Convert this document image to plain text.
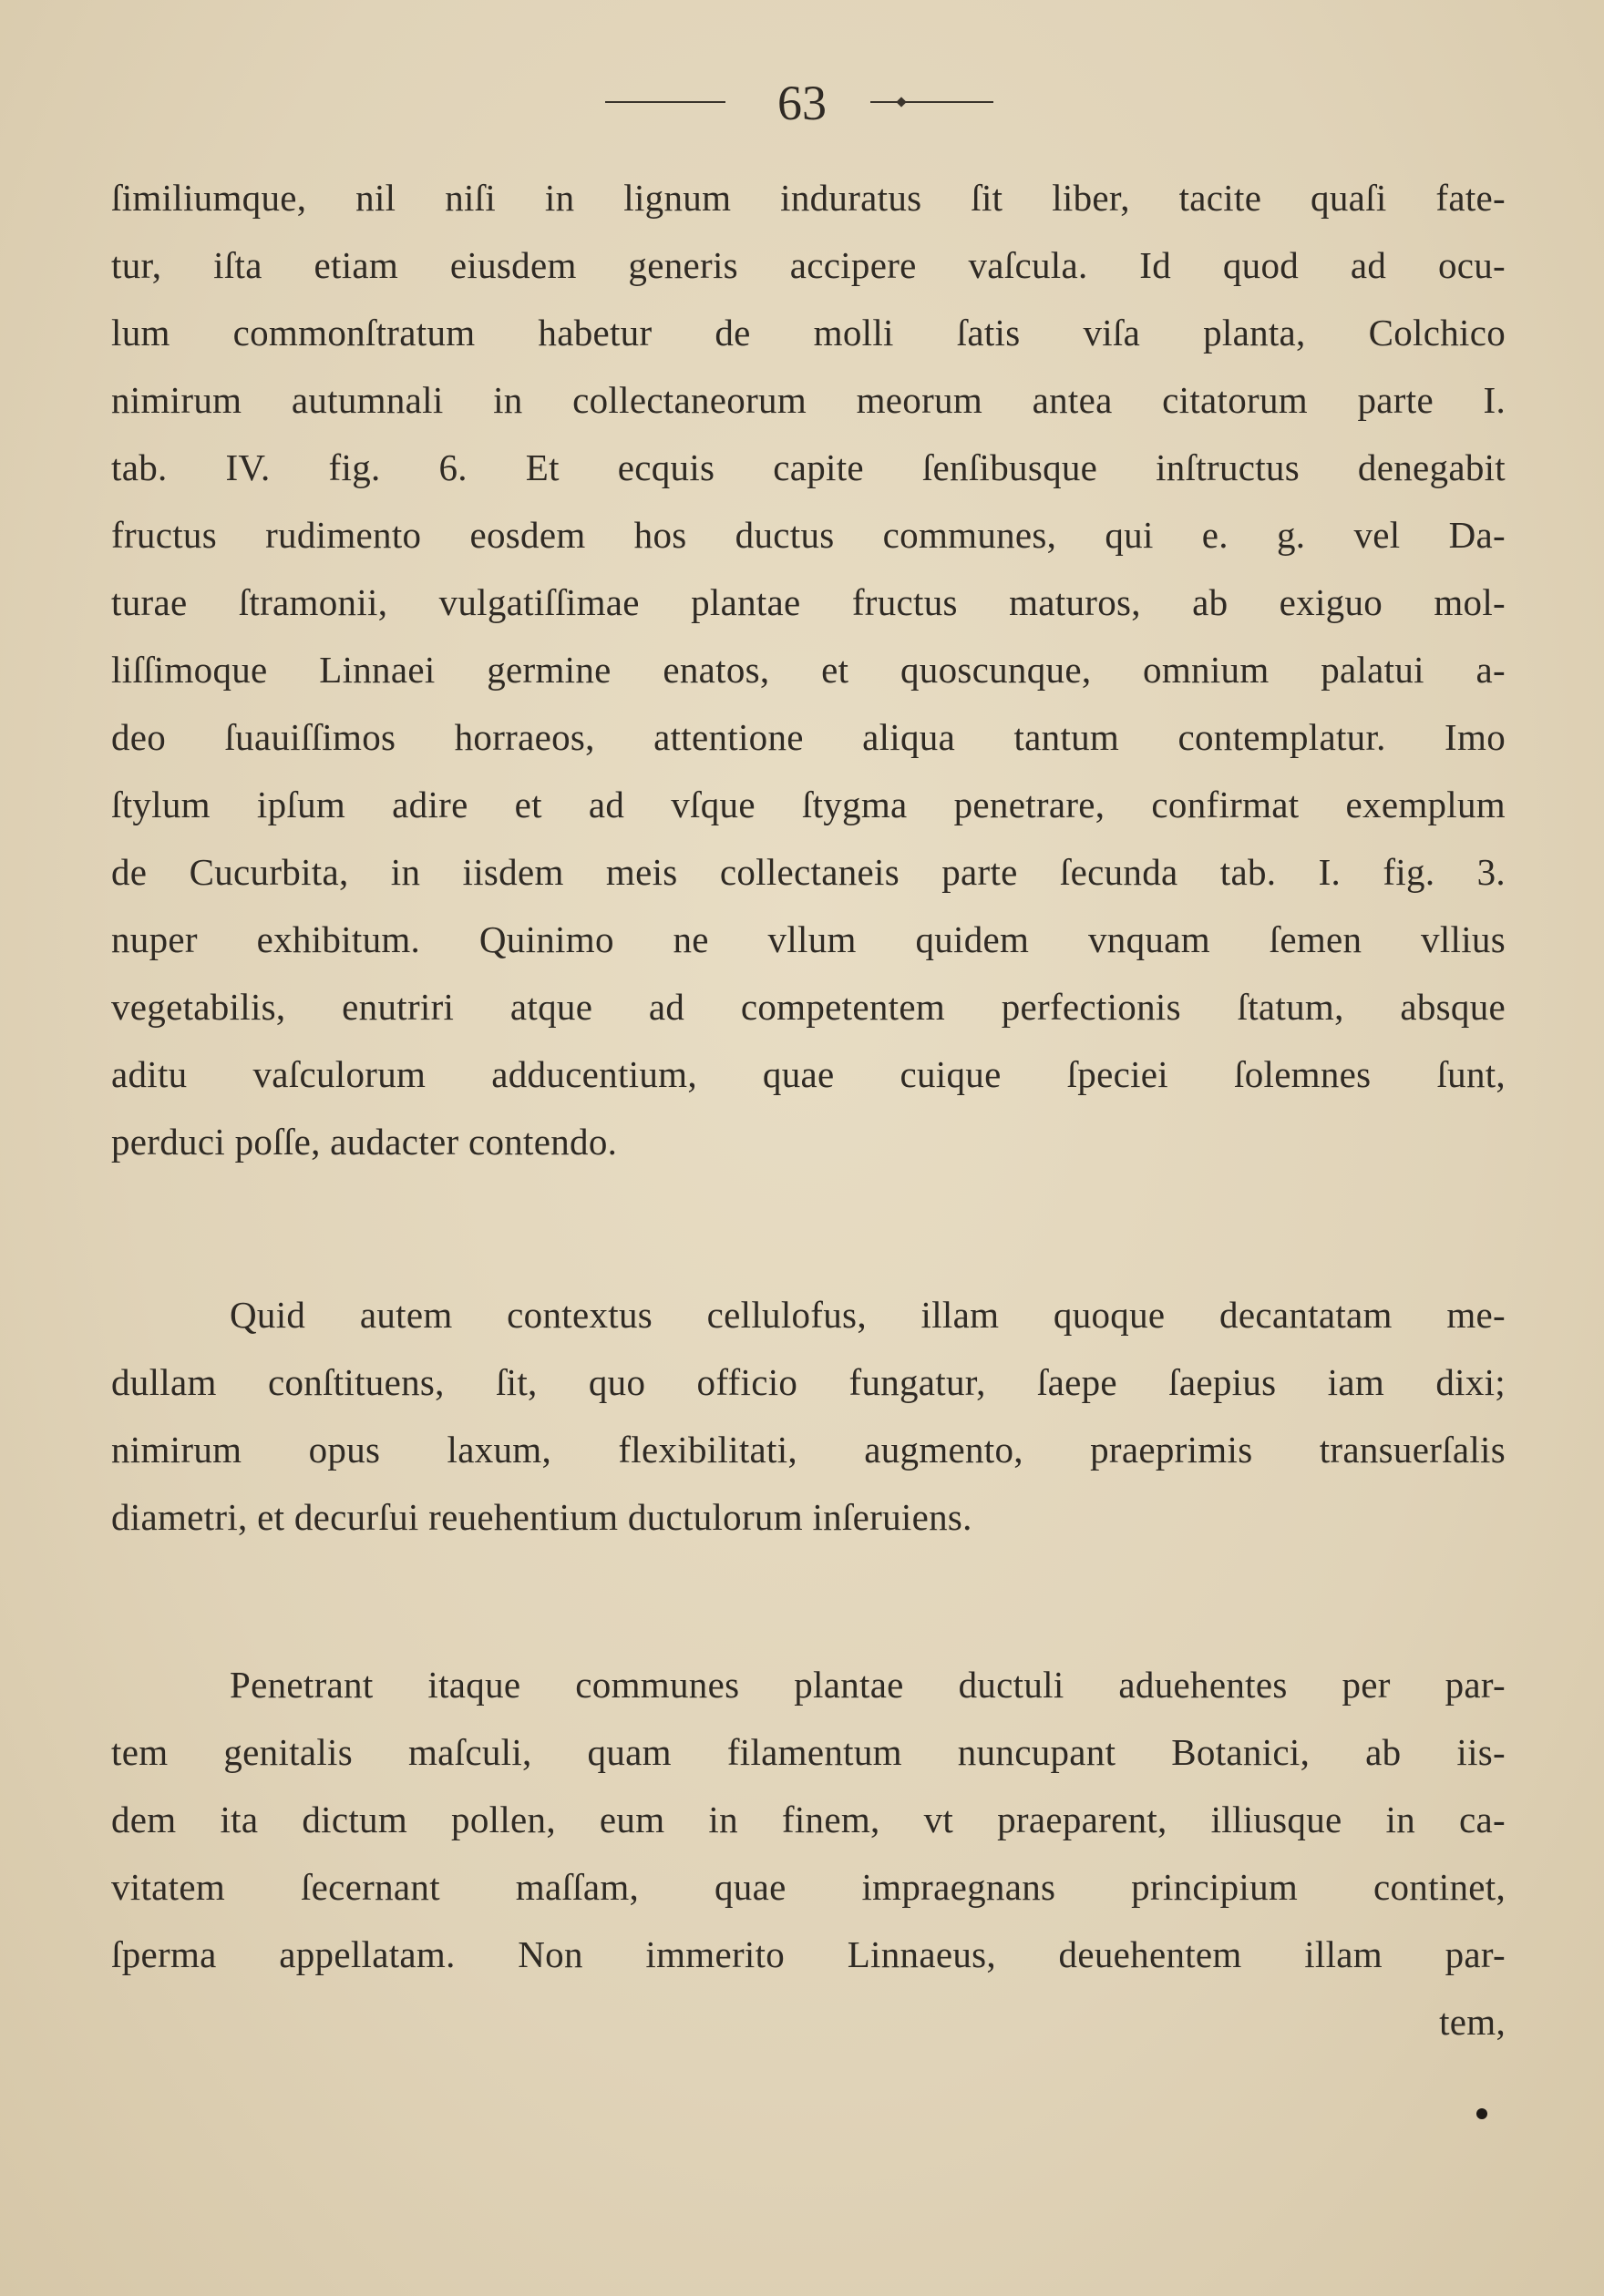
63
ſimiliumque, nil niſi in lignum induratus ſit liber, tacite quaſi fate-
tur, iſta etiam eiusdem generis accipere vaſcula. Id quod ad ocu-
lum commonſtratum habetur de molli ſatis viſa planta, Colchico
nimirum autumnali in collectaneorum meorum antea citatorum parte I.
tab. IV. fig. 6. Et ecquis capite ſenſibusque inſtructus denegabit
fructus rudimento eosdem hos ductus communes, qui e. g. vel Da-
turae ſtramonii, vulgatiſſimae plantae fructus maturos, ab exiguo mol-
liſſimoque Linnaei germine enatos, et quoscunque, omnium palatui a-
deo ſuauiſſimos horraeos, attentione aliqua tantum contemplatur. Imo
ſtylum ipſum adire et ad vſque ſtygma penetrare, confirmat exemplum
de Cucurbita, in iisdem meis collectaneis parte ſecunda tab. I. fig. 3.
nuper exhibitum. Quinimo ne vllum quidem vnquam ſemen vllius
vegetabilis, enutriri atque ad competentem perfectionis ſtatum, absque
aditu vaſculorum adducentium, quae cuique ſpeciei ſolemnes ſunt,
perduci poſſe, audacter contendo.
Quid autem contextus cellulofus, illam quoque decantatam me-
dullam conſtituens, ſit, quo officio fungatur, ſaepe ſaepius iam dixi;
nimirum opus laxum, flexibilitati, augmento, praeprimis transuerſalis
diametri, et decurſui reuehentium ductulorum inſeruiens.
Penetrant itaque communes plantae ductuli aduehentes per par-
tem genitalis maſculi, quam filamentum nuncupant Botanici, ab iis-
dem ita dictum pollen, eum in finem, vt praeparent, illiusque in ca-
vitatem ſecernant maſſam, quae impraegnans principium continet,
ſperma appellatam. Non immerito Linnaeus, deuehentem illam par-
tem,
